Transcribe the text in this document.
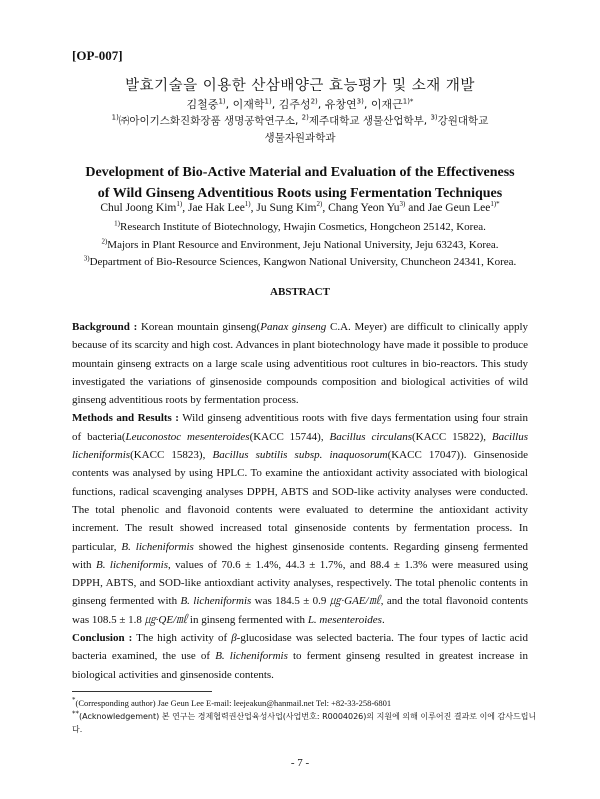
[OP-007]
발효기술을 이용한 산삼배양근 효능평가 및 소재 개발
김철중$^{1)}$, 이재학$^{1)}$, 김주성$^{2)}$, 유창연$^{3)}$, 이재근$^{1)*}$
$^{1)}$㈜아이기스화진화장품 생명공학연구소, $^{2)}$제주대학교 생물산업학부, $^{3)}$강원대학교
생물자원과학과
Development of Bio-Active Material and Evaluation of the Effectiveness
of Wild Ginseng Adventitious Roots using Fermentation Techniques
Chul Joong Kim$^{1)}$, Jae Hak Lee$^{1)}$, Ju Sung Kim$^{2)}$, Chang Yeon Yu$^{3)}$ and Jae Geun Lee$^{1)*}$
$^{1)}$Research Institute of Biotechnology, Hwajin Cosmetics, Hongcheon 25142, Korea.
$^{2)}$Majors in Plant Resource and Environment, Jeju National University, Jeju 63243, Korea.
$^{3)}$Department of Bio-Resource Sciences, Kangwon National University, Chuncheon 24341, Korea.
ABSTRACT

Background : Korean mountain ginseng(Panax ginseng C.A. Meyer) are difficult to clinically apply because of its scarcity and high cost. Advances in plant biotechnology have made it possible to produce mountain ginseng extracts on a large scale using adventitious root cultures in bio-reactors. This study investigated the variations of ginsenoside compounds composition and biological activities of wild ginseng adventitious roots by fermentation process.

Methods and Results : Wild ginseng adventitious roots with five days fermentation using four strain of bacteria(Leuconostoc mesenteroides(KACC 15744), Bacillus circulans(KACC 15822), Bacillus licheniformis(KACC 15823), Bacillus subtilis subsp. inaquosorum(KACC 17047)). Ginsenoside contents was analysed by using HPLC. To examine the antioxidant activity associated with biological functions, radical scavenging analyses DPPH, ABTS and SOD-like activity analyses were conducted. The total phenolic and flavonoid contents were evaluated to determine the antioxidant activity increment. The result showed increased total ginsenoside contents by fermentation process. In particular, B. licheniformis showed the highest ginsenoside contents. Regarding ginseng fermented with B. licheniformis, values of 70.6 ± 1.4%, 44.3 ± 1.7%, and 88.4 ± 1.3% were measured using DPPH, ABTS, and SOD-like antioxdiant activity analyses, respectively. The total phenolic contents in ginseng fermented with B. licheniformis was 184.5 ± 0.9 ㎍·GAE/㎖, and the total flavonoid contents was 108.5 ± 1.8 ㎍·QE/㎖ in ginseng fermented with L. mesenteroides.

Conclusion : The high activity of β-glucosidase was selected bacteria. The four types of lactic acid bacteria examined, the use of B. licheniformis to ferment ginseng resulted in greatest increase in biological activities and ginsenoside contents.

*(Corresponding author) Jae Geun Lee E-mail: leejeakun@hanmail.net Tel: +82-33-258-6801
**(Acknowledgement) 본 연구는 경제협력권산업육성사업(사업번호: R0004026)의 지원에 의해 이루어진 결과로 이에 감사드립니다.
- 7 -
